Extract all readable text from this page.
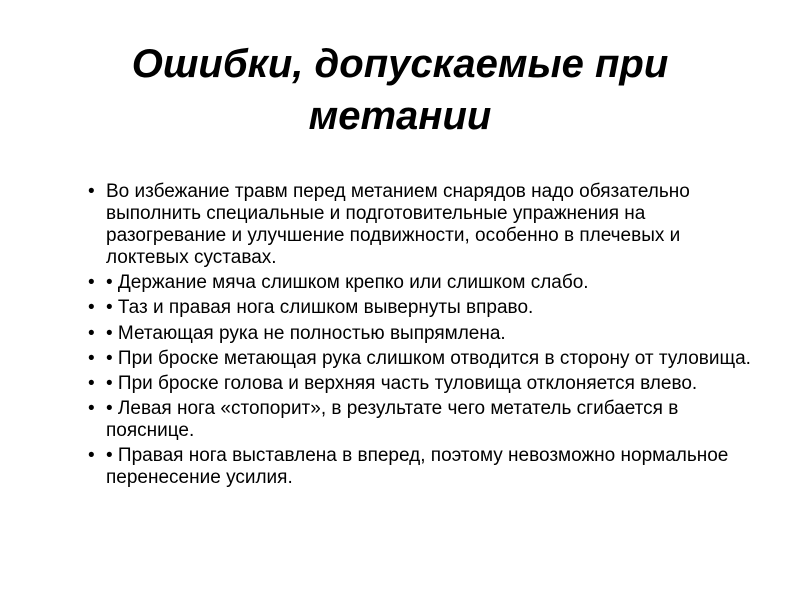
Ошибки, допускаемые при метании
• Во избежание травм перед метанием снарядов надо обязательно выполнить специальные и подготовительные упражнения на разогревание и улучшение подвижности, особенно в плечевых и локтевых суставах.
• • Держание мяча слишком крепко или слишком слабо.
• • Таз и правая нога слишком вывернуты вправо.
• • Метающая рука не полностью выпрямлена.
• • При броске метающая рука слишком отводится в сторону от туловища.
• • При броске голова и верхняя часть туловища отклоняется влево.
• • Левая нога «стопорит», в результате чего метатель сгибается в пояснице.
• • Правая нога выставлена в вперед, поэтому невозможно нормальное перенесение усилия.
